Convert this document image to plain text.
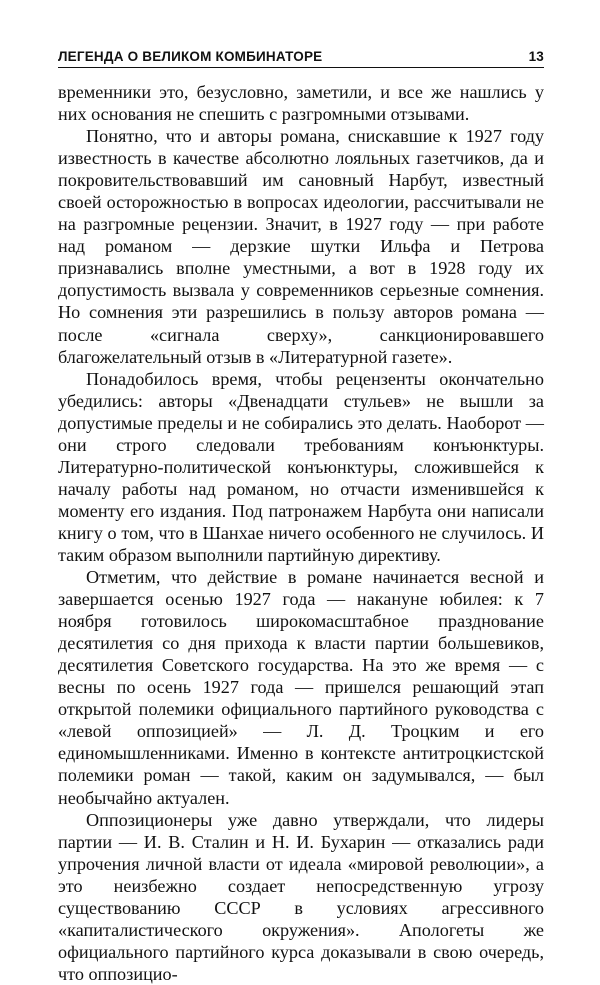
ЛЕГЕНДА О ВЕЛИКОМ КОМБИНАТОРЕ	13

временники это, безусловно, заметили, и все же нашлись у них основания не спешить с разгромными отзывами.

Понятно, что и авторы романа, снискавшие к 1927 году известность в качестве абсолютно лояльных газетчиков, да и покровительствовавший им сановный Нарбут, известный своей осторожностью в вопросах идеологии, рассчитывали не на разгромные рецензии. Значит, в 1927 году — при работе над романом — дерзкие шутки Ильфа и Петрова признавались вполне уместными, а вот в 1928 году их допустимость вызвала у современников серьезные сомнения. Но сомнения эти разрешились в пользу авторов романа — после «сигнала сверху», санкционировавшего благожелательный отзыв в «Литературной газете».

Понадобилось время, чтобы рецензенты окончательно убедились: авторы «Двенадцати стульев» не вышли за допустимые пределы и не собирались это делать. Наоборот — они строго следовали требованиям конъюнктуры. Литературно-политической конъюнктуры, сложившейся к началу работы над романом, но отчасти изменившейся к моменту его издания. Под патронажем Нарбута они написали книгу о том, что в Шанхае ничего особенного не случилось. И таким образом выполнили партийную директиву.

Отметим, что действие в романе начинается весной и завершается осенью 1927 года — накануне юбилея: к 7 ноября готовилось широкомасштабное празднование десятилетия со дня прихода к власти партии большевиков, десятилетия Советского государства. На это же время — с весны по осень 1927 года — пришелся решающий этап открытой полемики официального партийного руководства с «левой оппозицией» — Л. Д. Троцким и его единомышленниками. Именно в контексте антитроцкистской полемики роман — такой, каким он задумывался, — был необычайно актуален.

Оппозиционеры уже давно утверждали, что лидеры партии — И. В. Сталин и Н. И. Бухарин — отказались ради упрочения личной власти от идеала «мировой революции», а это неизбежно создает непосредственную угрозу существованию СССР в условиях агрессивного «капиталистического окружения». Апологеты же официального партийного курса доказывали в свою очередь, что оппозицио-
